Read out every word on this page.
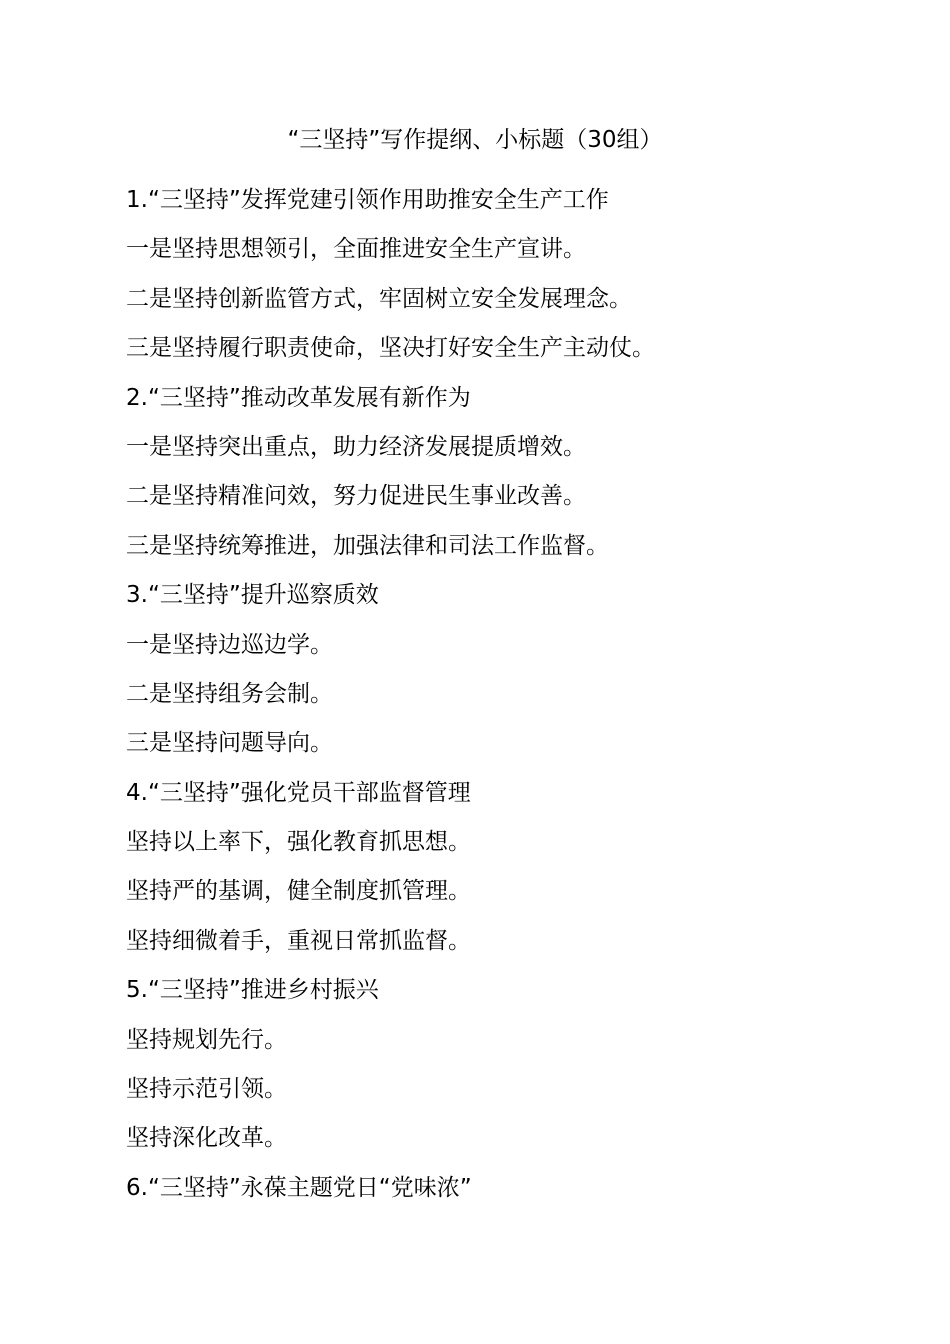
“三坚持”写作提纲、小标题（30组）
1.“三坚持”发挥党建引领作用助推安全生产工作
一是坚持思想领引，全面推进安全生产宣讲。
二是坚持创新监管方式，牢固树立安全发展理念。
三是坚持履行职责使命，坚决打好安全生产主动仗。
2.“三坚持”推动改革发展有新作为
一是坚持突出重点，助力经济发展提质增效。
二是坚持精准问效，努力促进民生事业改善。
三是坚持统筹推进，加强法律和司法工作监督。
3.“三坚持”提升巡察质效
一是坚持边巡边学。
二是坚持组务会制。
三是坚持问题导向。
4.“三坚持”强化党员干部监督管理
坚持以上率下，强化教育抓思想。
坚持严的基调，健全制度抓管理。
坚持细微着手，重视日常抓监督。
5.“三坚持”推进乡村振兴
坚持规划先行。
坚持示范引领。
坚持深化改革。
6.“三坚持”永葆主题党日“党味浓”
